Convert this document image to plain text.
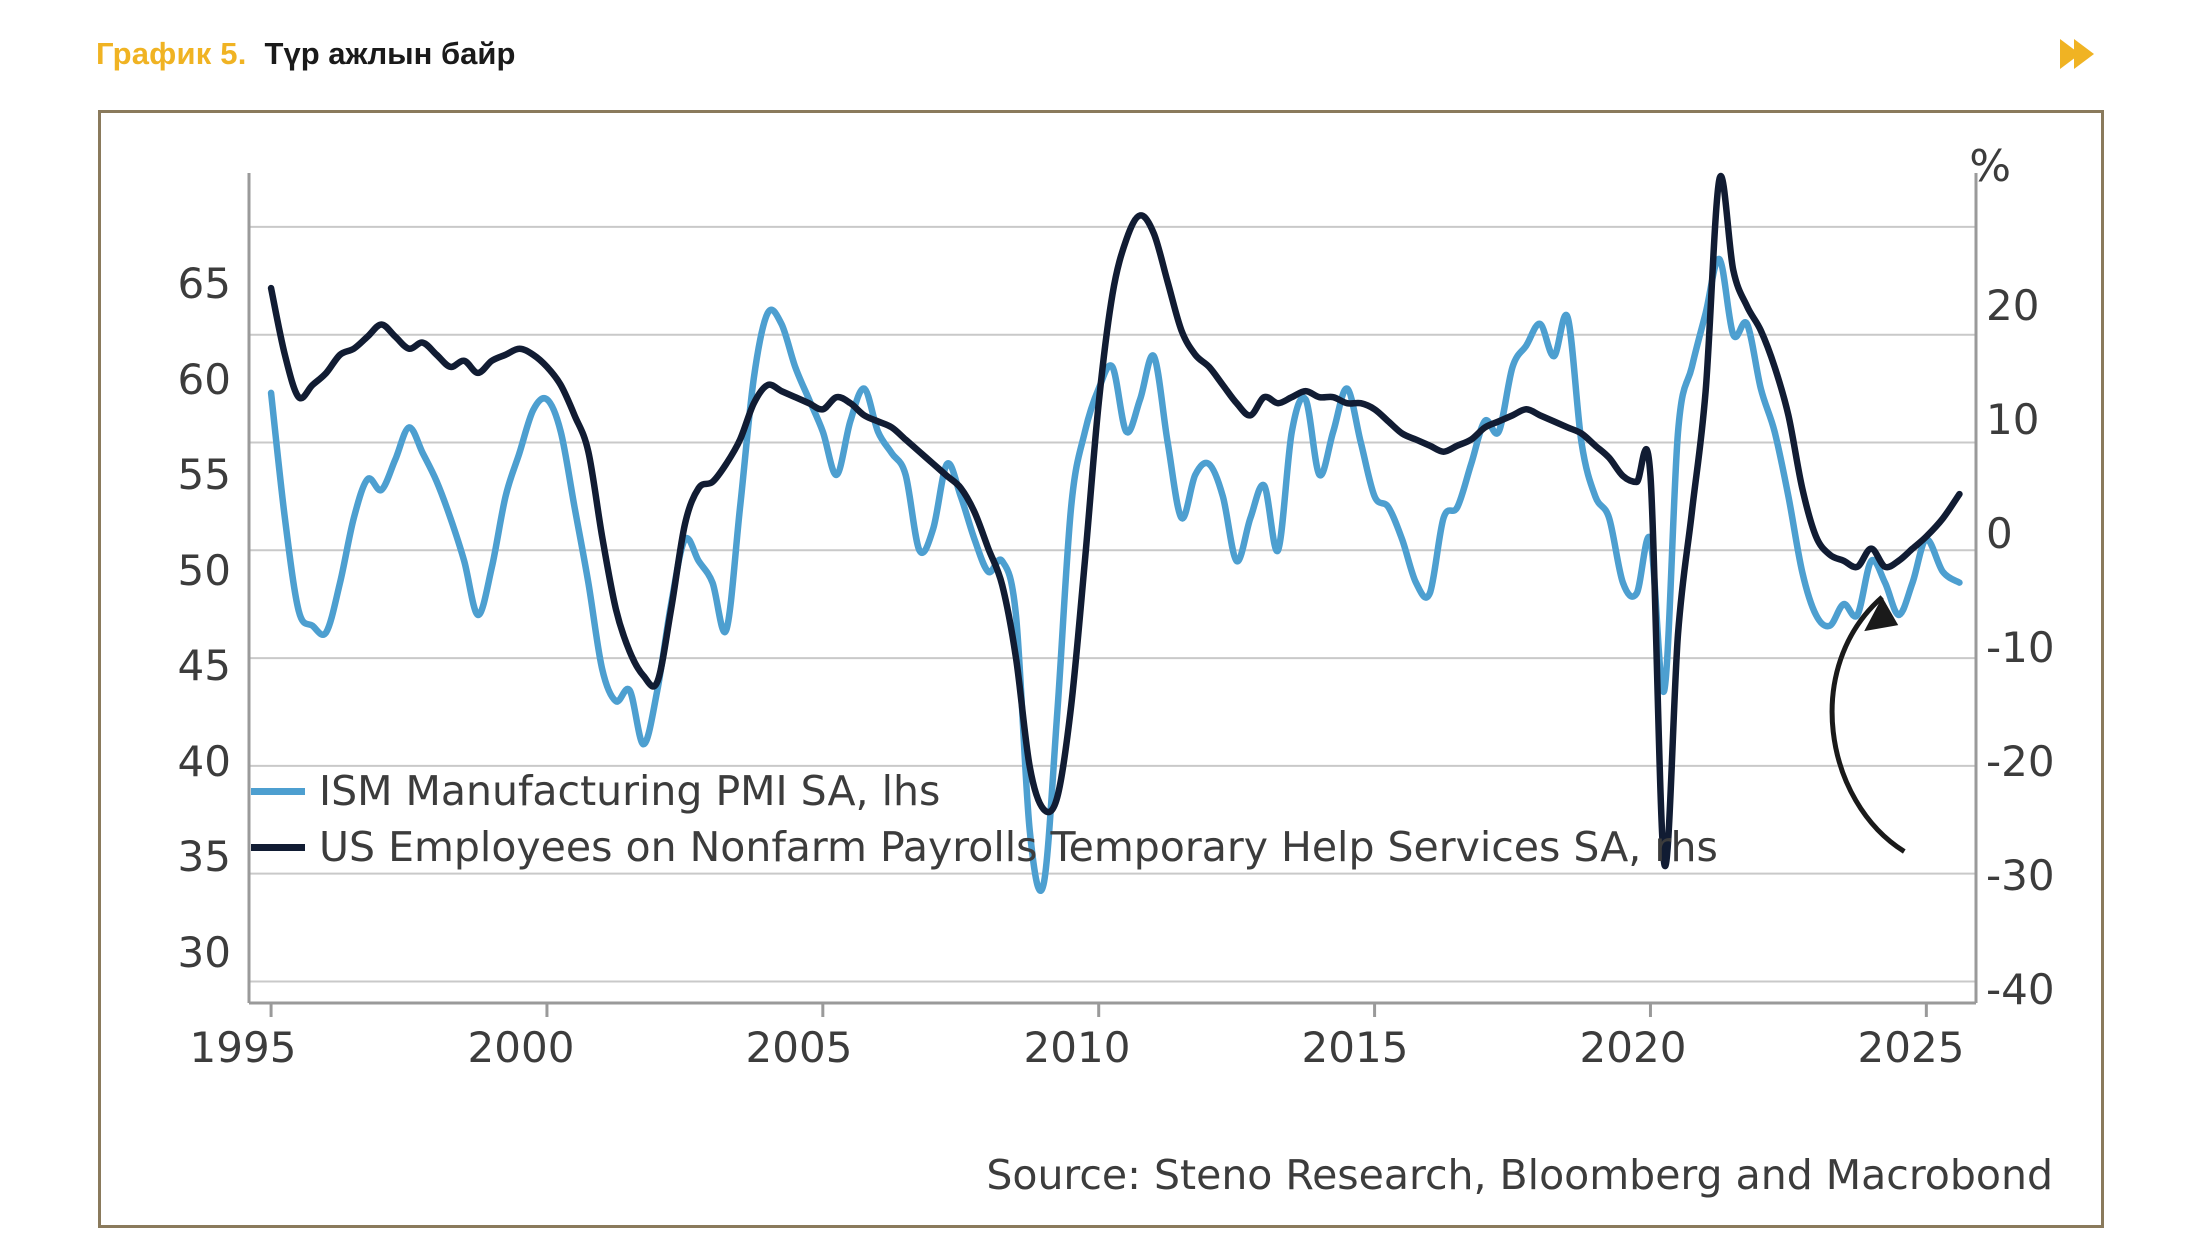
График 5. Түр ажлын байр
%
65
60
55
50
45
40
35
30
20
10
0
-10
-20
-30
-40
1995	2000	2005	2010	2015	2020	2025
ISM Manufacturing PMI SA, lhs
US Employees on Nonfarm Payrolls Temporary Help Services SA, rhs
Source: Steno Research, Bloomberg and Macrobond
